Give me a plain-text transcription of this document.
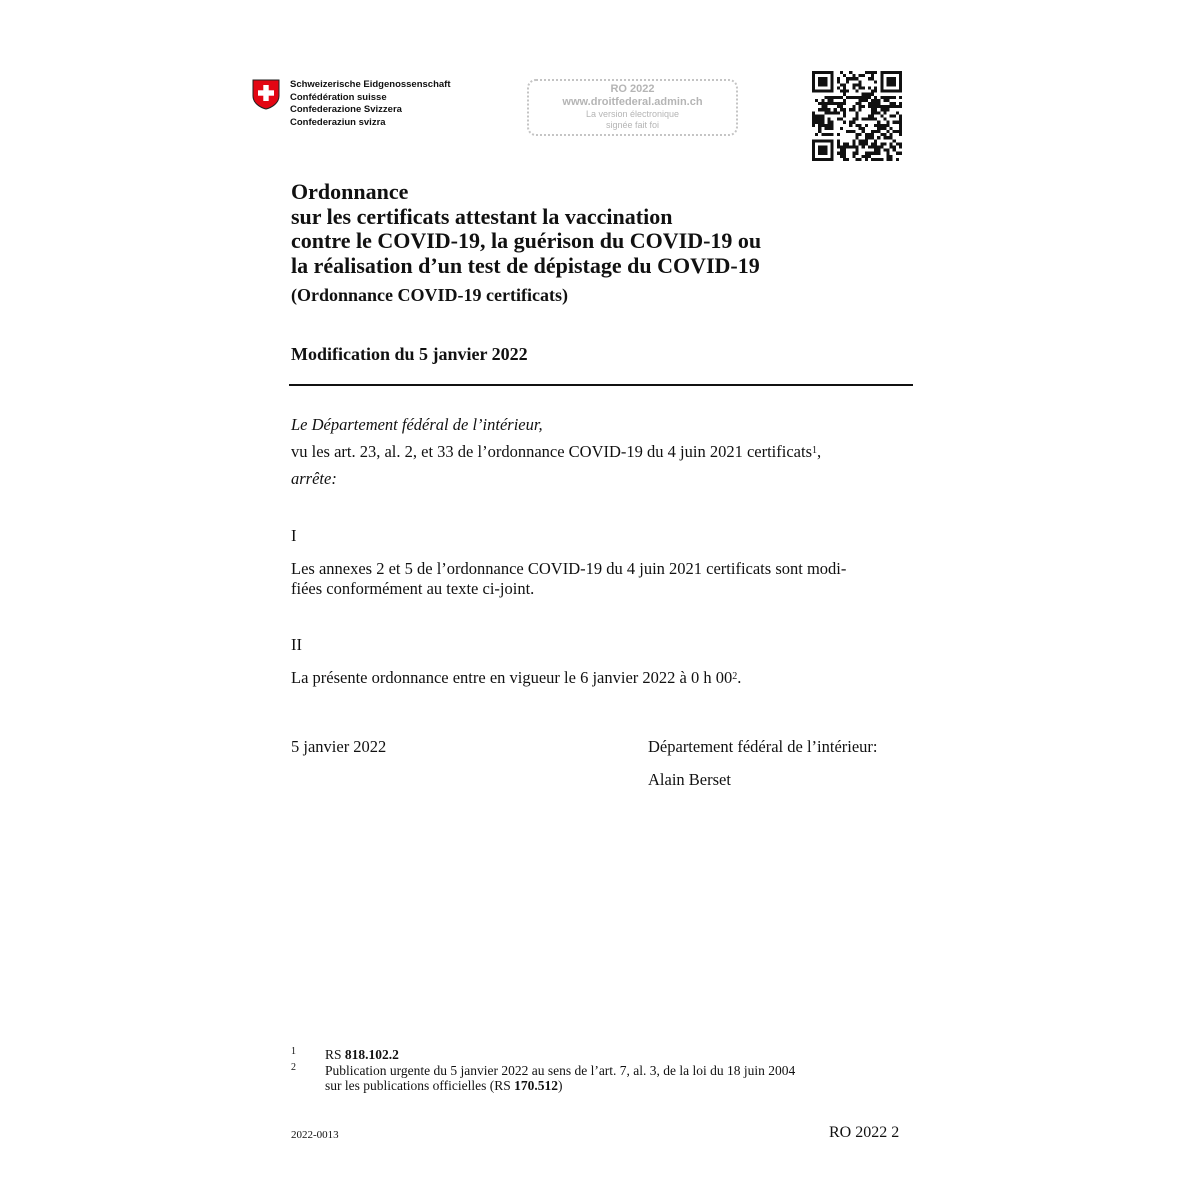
Schweizerische Eidgenossenschaft
Confédération suisse
Confederazione Svizzera
Confederaziun svizra
RO 2022
www.droitfederal.admin.ch
La version électronique
signée fait foi
Ordonnance
sur les certificats attestant la vaccination
contre le COVID-19, la guérison du COVID-19 ou
la réalisation d’un test de dépistage du COVID-19
(Ordonnance COVID-19 certificats)
Modification du 5 janvier 2022
Le Département fédéral de l’intérieur,
vu les art. 23, al. 2, et 33 de l’ordonnance COVID-19 du 4 juin 2021 certificats$^1$,
arrête:
I
Les annexes 2 et 5 de l’ordonnance COVID-19 du 4 juin 2021 certificats sont modi-
fiées conformément au texte ci-joint.
II
La présente ordonnance entre en vigueur le 6 janvier 2022 à 0 h $00^2$.
5 janvier 2022	Département fédéral de l’intérieur:
Alain Berset
1 RS 818.102.2
2 Publication urgente du 5 janvier 2022 au sens de l’art. 7, al. 3, de la loi du 18 juin 2004
sur les publications officielles (RS 170.512)
2022-0013	RO 2022 2
